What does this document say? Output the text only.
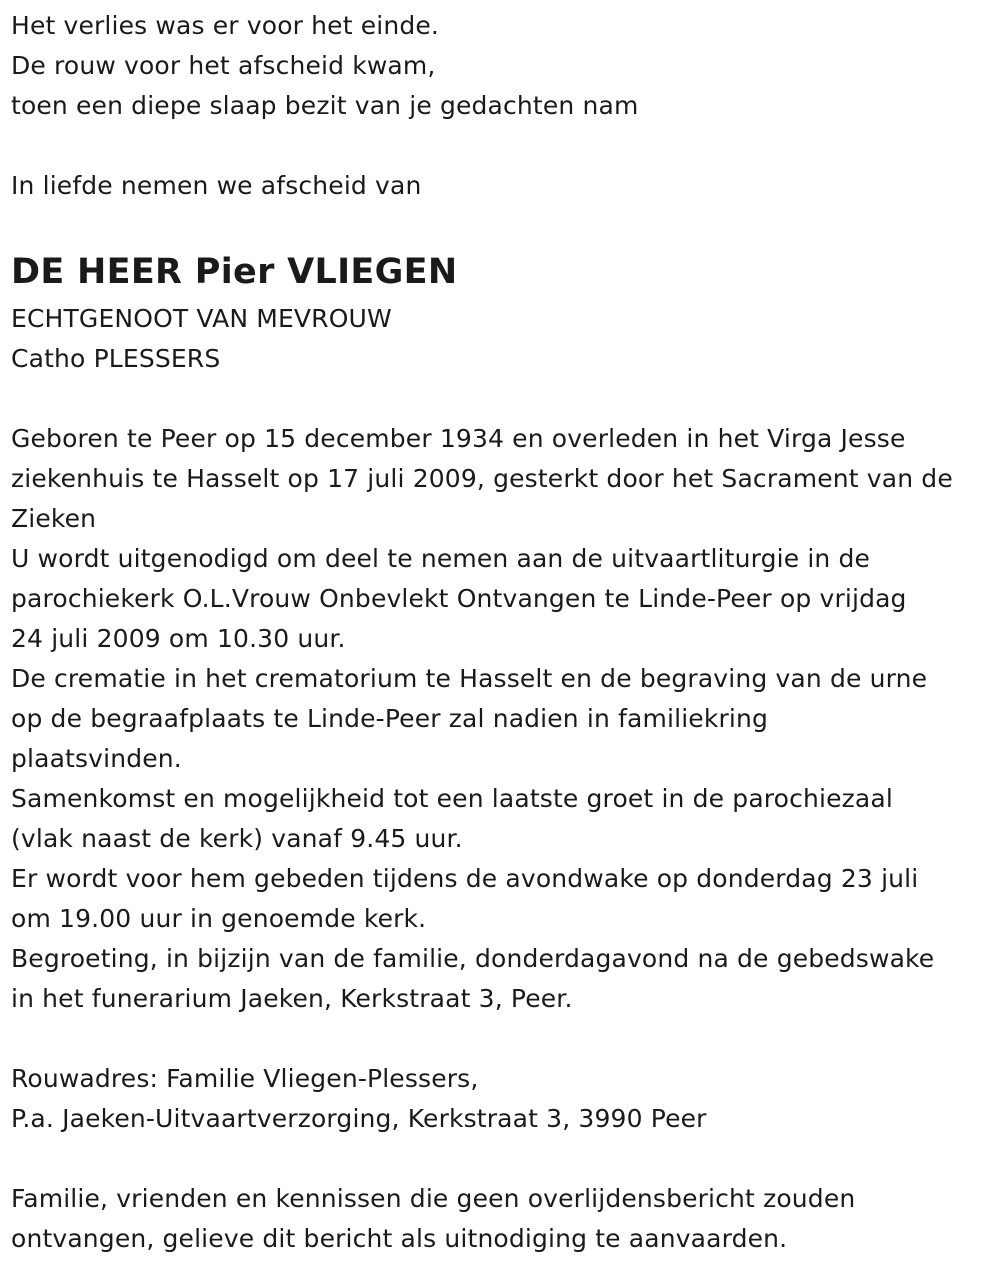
Het verlies was er voor het einde.
De rouw voor het afscheid kwam,
toen een diepe slaap bezit van je gedachten nam
In liefde nemen we afscheid van
DE HEER Pier VLIEGEN
ECHTGENOOT VAN MEVROUW
Catho PLESSERS
Geboren te Peer op 15 december 1934 en overleden in het Virga Jesse
ziekenhuis te Hasselt op 17 juli 2009, gesterkt door het Sacrament van de
Zieken
U wordt uitgenodigd om deel te nemen aan de uitvaartliturgie in de
parochiekerk O.L.Vrouw Onbevlekt Ontvangen te Linde-Peer op vrijdag
24 juli 2009 om 10.30 uur.
De crematie in het crematorium te Hasselt en de begraving van de urne
op de begraafplaats te Linde-Peer zal nadien in familiekring
plaatsvinden.
Samenkomst en mogelijkheid tot een laatste groet in de parochiezaal
(vlak naast de kerk) vanaf 9.45 uur.
Er wordt voor hem gebeden tijdens de avondwake op donderdag 23 juli
om 19.00 uur in genoemde kerk.
Begroeting, in bijzijn van de familie, donderdagavond na de gebedswake
in het funerarium Jaeken, Kerkstraat 3, Peer.
Rouwadres: Familie Vliegen-Plessers,
P.a. Jaeken-Uitvaartverzorging, Kerkstraat 3, 3990 Peer
Familie, vrienden en kennissen die geen overlijdensbericht zouden
ontvangen, gelieve dit bericht als uitnodiging te aanvaarden.
